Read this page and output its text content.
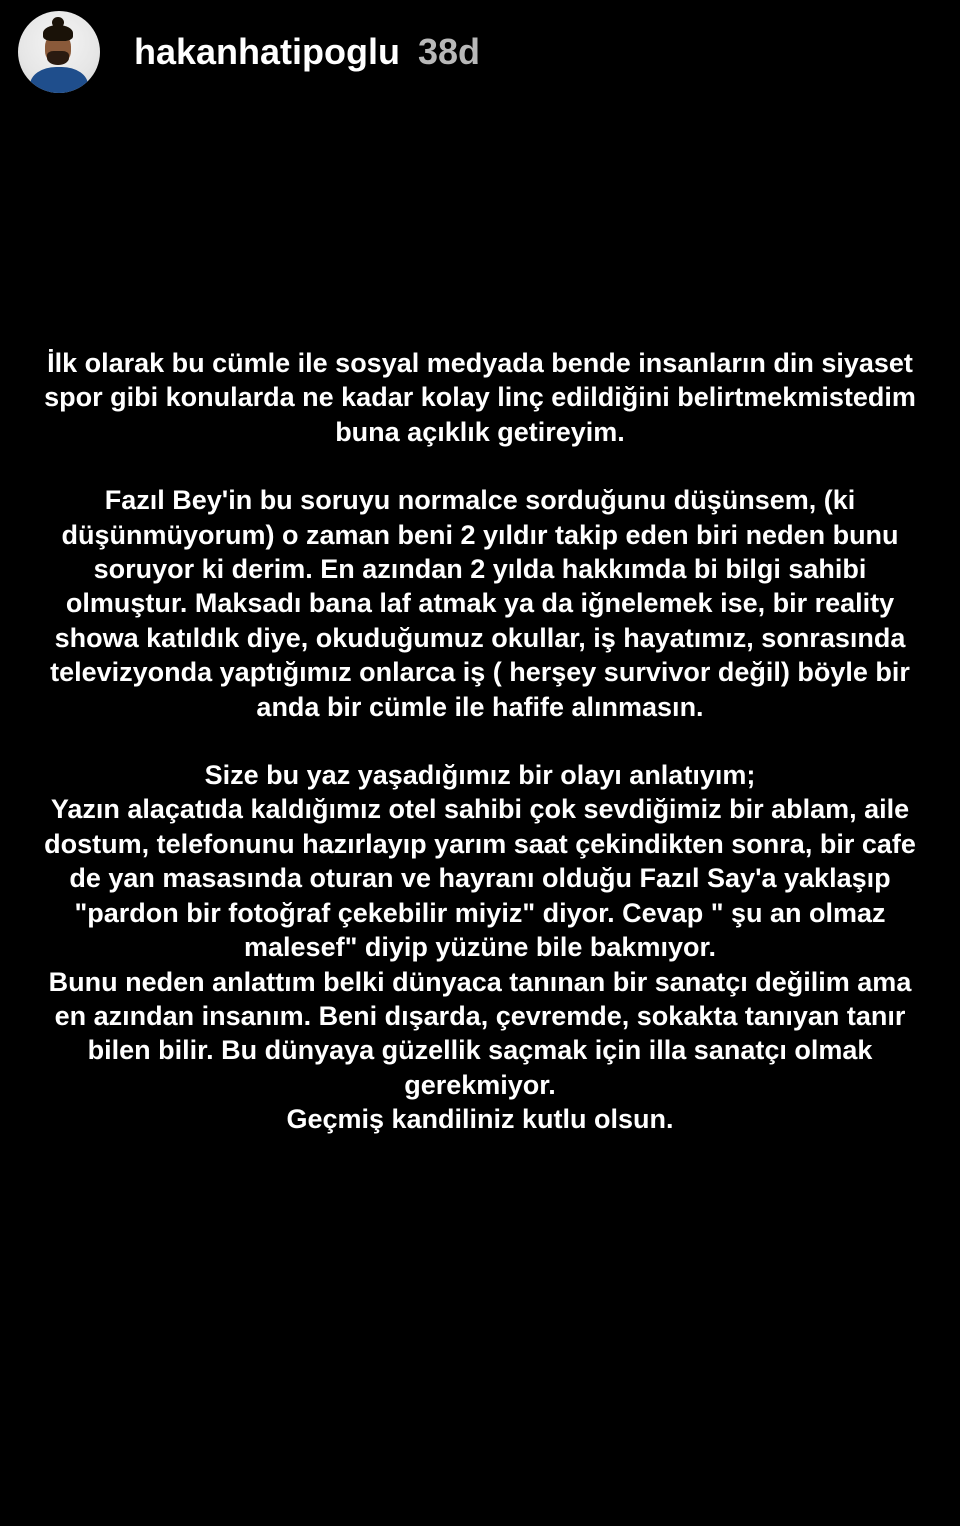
hakanhatipoglu 38d

İlk olarak bu cümle ile sosyal medyada bende insanların din siyaset

spor gibi konularda ne kadar kolay linç edildiğini belirtmekmistedim

buna açıklık getireyim.

Fazıl Bey'in bu soruyu normalce sorduğunu düşünsem, (ki

düşünmüyorum) o zaman beni 2 yıldır takip eden biri neden bunu

soruyor ki derim. En azından 2 yılda hakkımda bi bilgi sahibi

olmuştur. Maksadı bana laf atmak ya da iğnelemek ise, bir reality

showa katıldık diye, okuduğumuz okullar, iş hayatımız, sonrasında

televizyonda yaptığımız onlarca iş ( herşey survivor değil) böyle bir

anda bir cümle ile hafife alınmasın.

Size bu yaz yaşadığımız bir olayı anlatıyım;

Yazın alaçatıda kaldığımız otel sahibi çok sevdiğimiz bir ablam, aile

dostum, telefonunu hazırlayıp yarım saat çekindikten sonra, bir cafe

de yan masasında oturan ve hayranı olduğu Fazıl Say'a yaklaşıp

"pardon bir fotoğraf çekebilir miyiz" diyor. Cevap " şu an olmaz

malesef" diyip yüzüne bile bakmıyor.

Bunu neden anlattım belki dünyaca tanınan bir sanatçı değilim ama

en azından insanım. Beni dışarda, çevremde, sokakta tanıyan tanır

bilen bilir. Bu dünyaya güzellik saçmak için illa sanatçı olmak

gerekmiyor.

Geçmiş kandiliniz kutlu olsun.
